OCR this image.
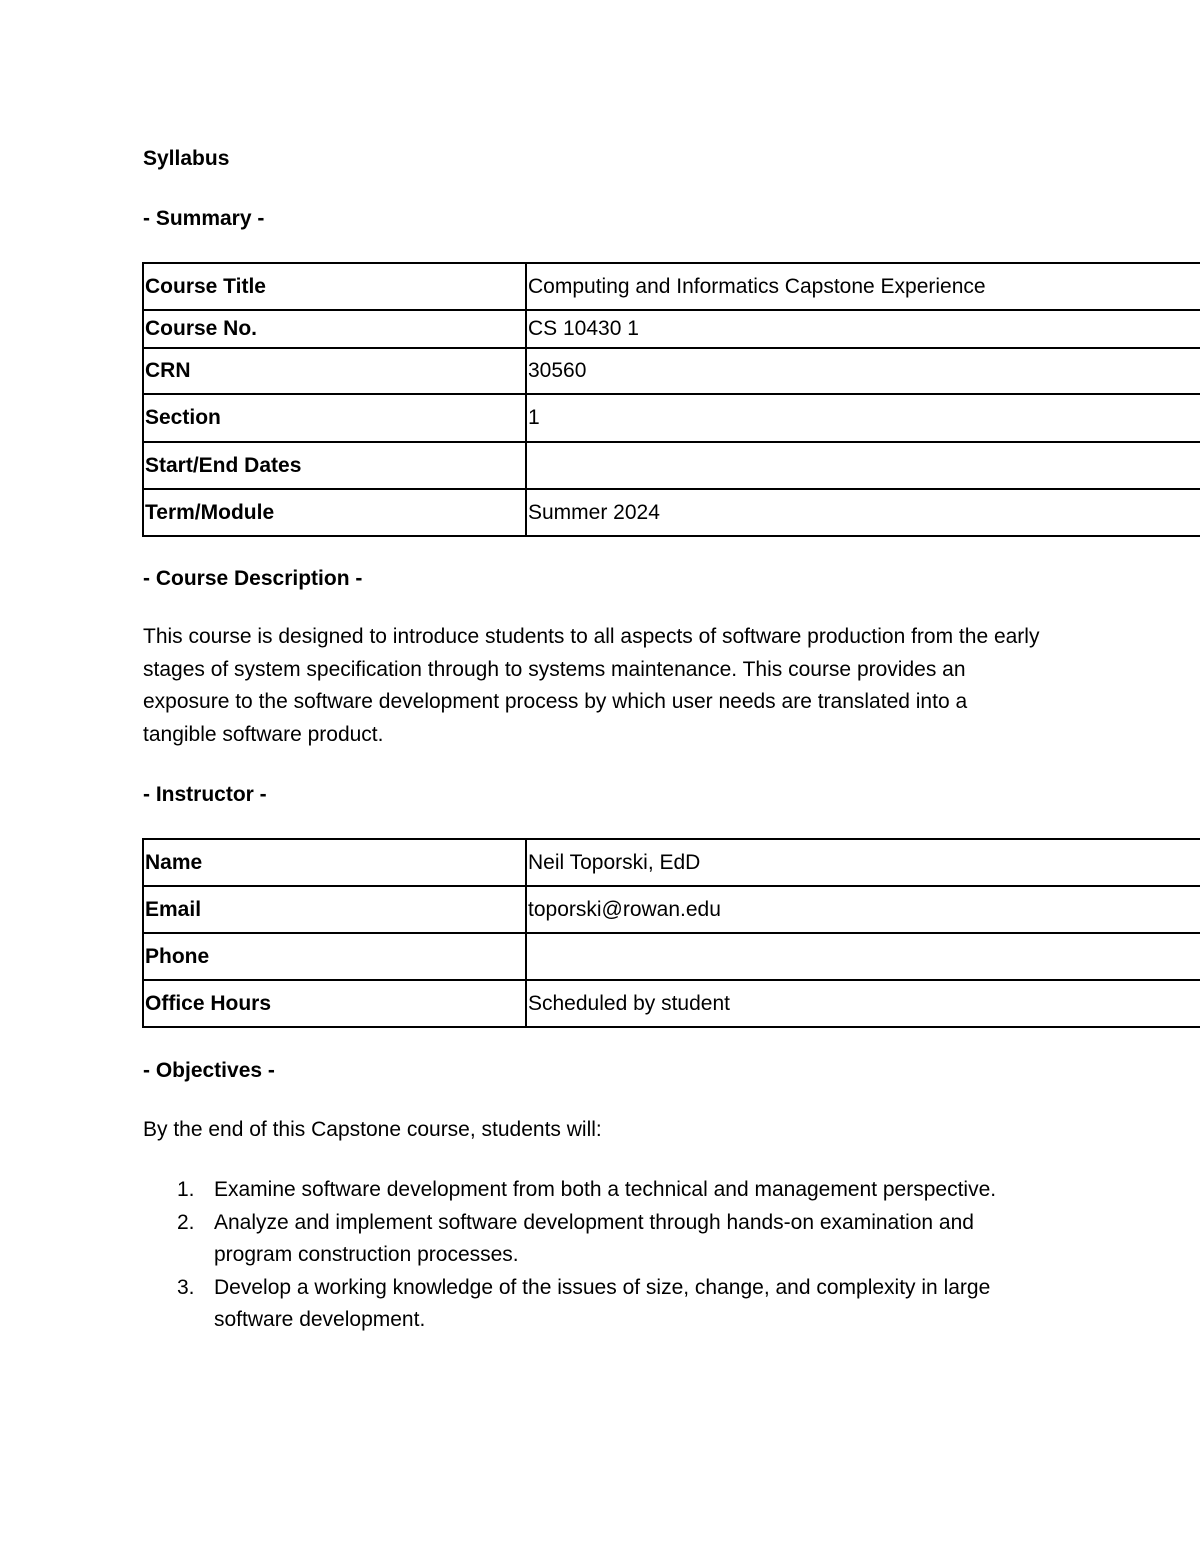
Syllabus
- Summary -
Course Title	Computing and Informatics Capstone Experience
Course No.	CS 10430 1
CRN	30560
Section	1
Start/End Dates	
Term/Module	Summer 2024
- Course Description -
This course is designed to introduce students to all aspects of software production from the early stages of system specification through to systems maintenance. This course provides an exposure to the software development process by which user needs are translated into a tangible software product.
- Instructor -
Name	Neil Toporski, EdD
Email	toporski@rowan.edu
Phone	
Office Hours	Scheduled by student
- Objectives -
By the end of this Capstone course, students will:
1. Examine software development from both a technical and management perspective.
2. Analyze and implement software development through hands-on examination and program construction processes.
3. Develop a working knowledge of the issues of size, change, and complexity in large software development.
